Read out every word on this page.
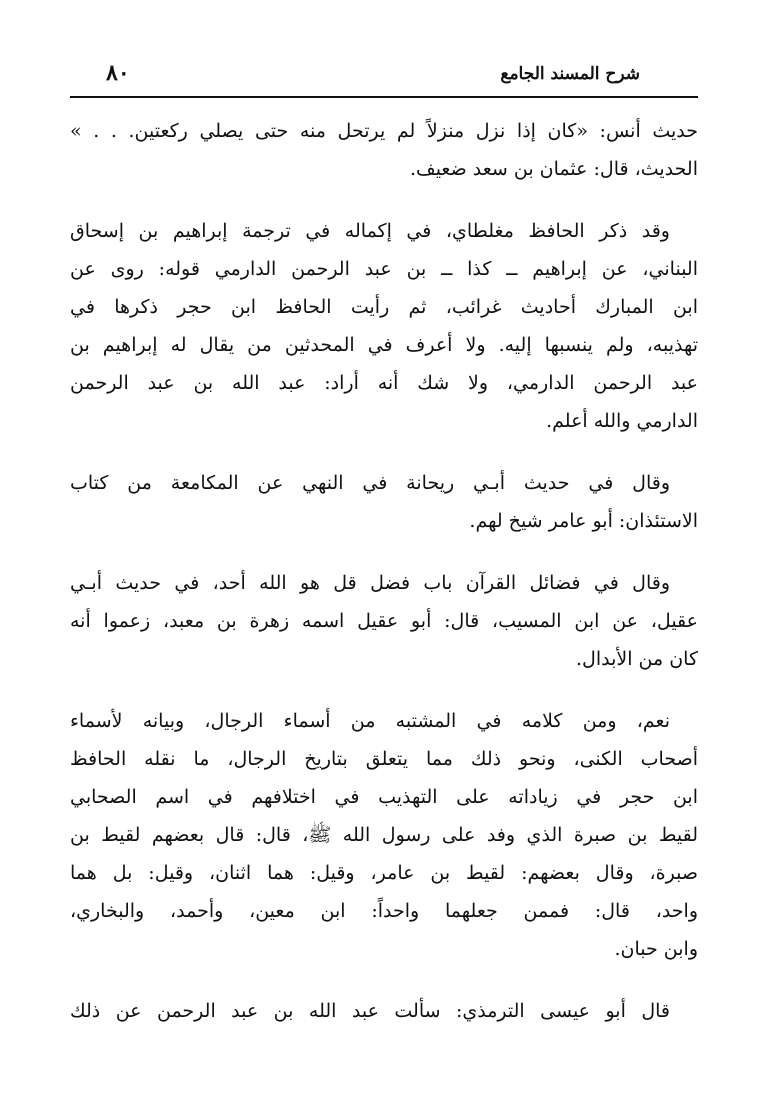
شرح المسند الجامع
٨٠
حديث أنس: «كان إذا نزل منزلاً لم يرتحل منه حتى يصلي ركعتين. . . »
الحديث، قال: عثمان بن سعد ضعيف.
وقد ذكر الحافظ مغلطاي، في إكماله في ترجمة إبراهيم بن إسحاق
البناني، عن إبراهيم ــ كذا ــ بن عبد الرحمن الدارمي قوله: روى عن
ابن المبارك أحاديث غرائب، ثم رأيت الحافظ ابن حجر ذكرها في
تهذيبه، ولم ينسبها إليه. ولا أعرف في المحدثين من يقال له إبراهيم بن
عبد الرحمن الدارمي، ولا شك أنه أراد: عبد الله بن عبد الرحمن
الدارمي والله أعلم.
وقال في حديث أبـي ريحانة في النهي عن المكامعة من كتاب
الاستئذان: أبو عامر شيخ لهم.
وقال في فضائل القرآن باب فضل قل هو الله أحد، في حديث أبـي
عقيل، عن ابن المسيب، قال: أبو عقيل اسمه زهرة بن معبد، زعموا أنه
كان من الأبدال.
نعم، ومن كلامه في المشتبه من أسماء الرجال، وبيانه لأسماء
أصحاب الكنى، ونحو ذلك مما يتعلق بتاريخ الرجال، ما نقله الحافظ
ابن حجر في زياداته على التهذيب في اختلافهم في اسم الصحابي
لقيط بن صبرة الذي وفد على رسول الله ﷺ، قال: قال بعضهم لقيط بن
صبرة، وقال بعضهم: لقيط بن عامر، وقيل: هما اثنان، وقيل: بل هما
واحد، قال: فممن جعلهما واحداً: ابن معين، وأحمد، والبخاري،
وابن حبان.
قال أبو عيسى الترمذي: سألت عبد الله بن عبد الرحمن عن ذلك
